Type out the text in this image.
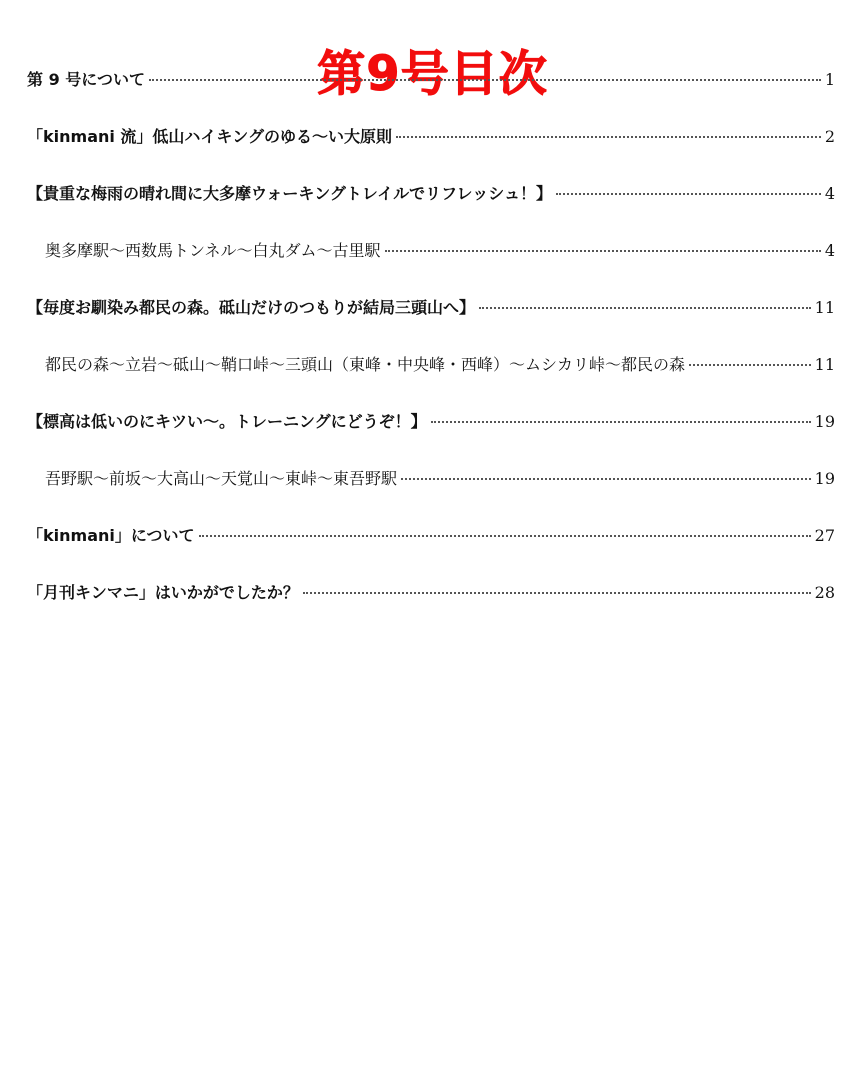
第9号目次
第 9 号について	1
「kinmani 流」低山ハイキングのゆる～い大原則	2
【貴重な梅雨の晴れ間に大多摩ウォーキングトレイルでリフレッシュ！】	4
奥多摩駅～西数馬トンネル～白丸ダム～古里駅	4
【毎度お馴染み都民の森。砥山だけのつもりが結局三頭山へ】	11
都民の森～立岩～砥山～鞘口峠～三頭山（東峰・中央峰・西峰）～ムシカリ峠～都民の森	11
【標高は低いのにキツい～。トレーニングにどうぞ！】	19
吾野駅～前坂～大高山～天覚山～東峠～東吾野駅	19
「kinmani」について	27
「月刊キンマニ」はいかがでしたか？	28
